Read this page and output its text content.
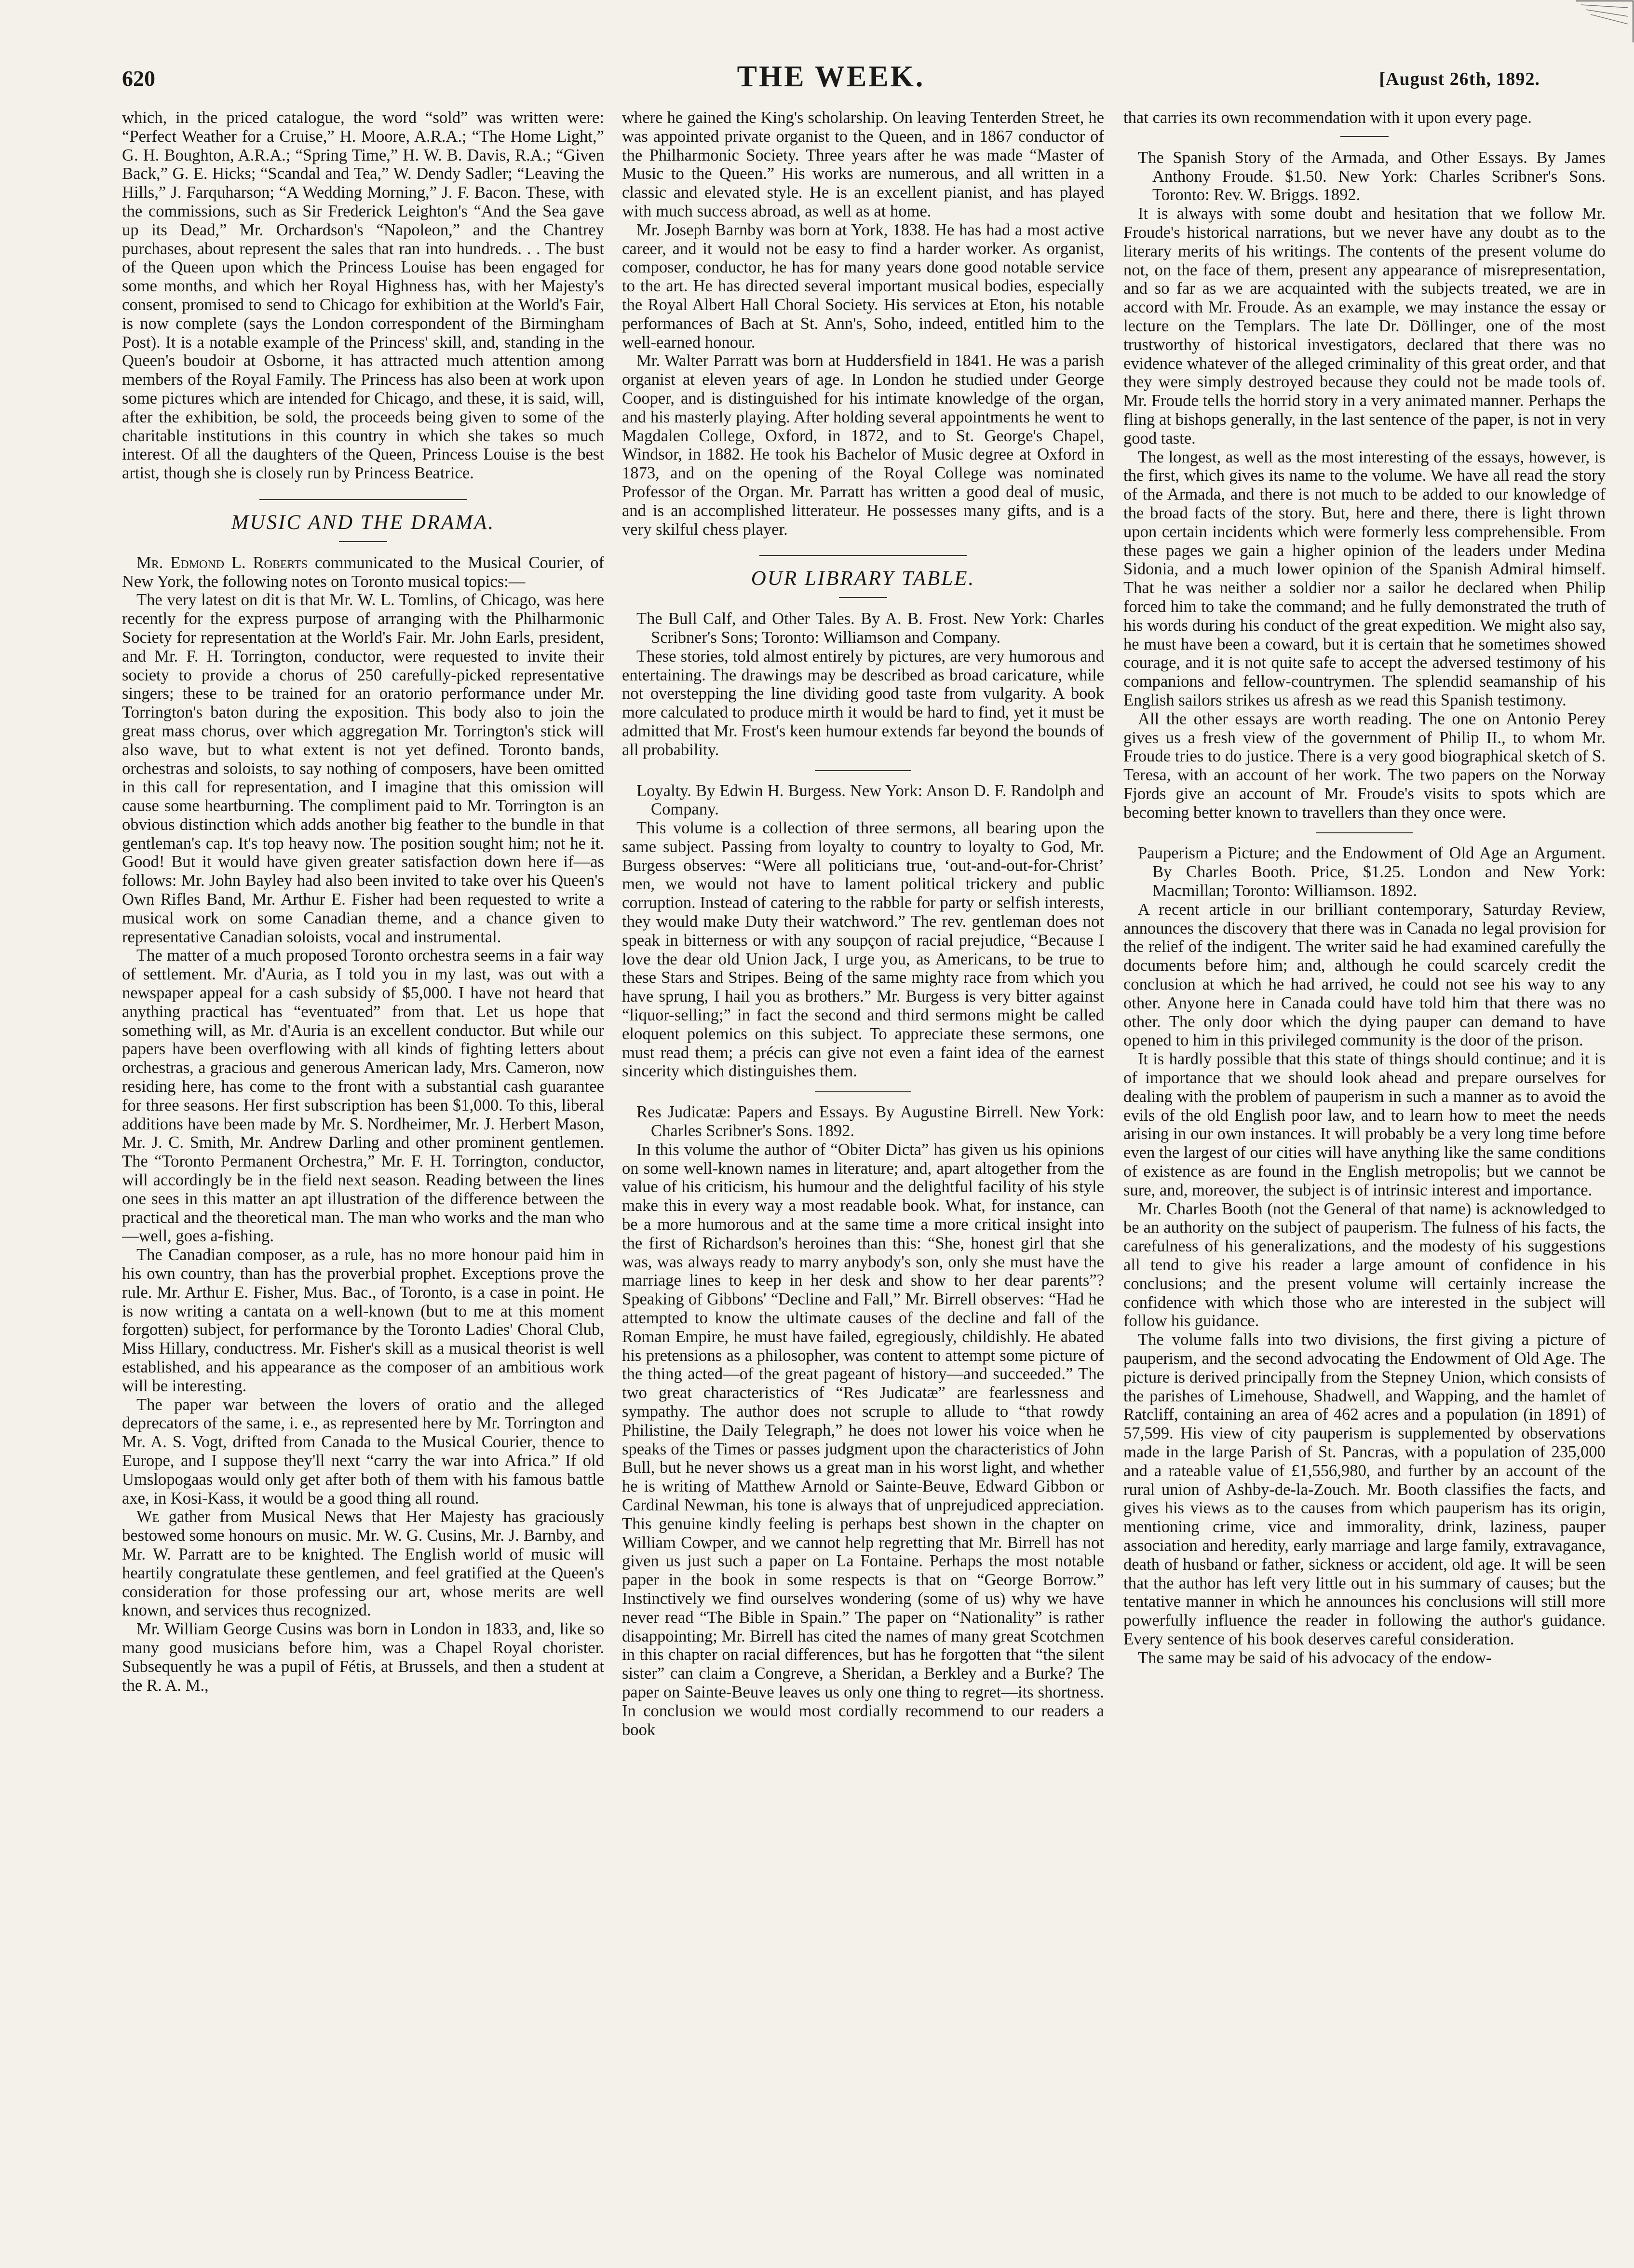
620	THE WEEK.	[August 26th, 1892.

which, in the priced catalogue, the word “sold” was written were: “Perfect Weather for a Cruise,” H. Moore, A.R.A.; “The Home Light,” G. H. Boughton, A.R.A.; “Spring Time,” H. W. B. Davis, R.A.; “Given Back,” G. E. Hicks; “Scandal and Tea,” W. Dendy Sadler; “Leaving the Hills,” J. Farquharson; “A Wedding Morning,” J. F. Bacon. These, with the commissions, such as Sir Frederick Leighton's “And the Sea gave up its Dead,” Mr. Orchardson's “Napoleon,” and the Chantrey purchases, about represent the sales that ran into hundreds. . . The bust of the Queen upon which the Princess Louise has been engaged for some months, and which her Royal Highness has, with her Majesty's consent, promised to send to Chicago for exhibition at the World's Fair, is now complete (says the London correspondent of the Birmingham Post). It is a notable example of the Princess' skill, and, standing in the Queen's boudoir at Osborne, it has attracted much attention among members of the Royal Family. The Princess has also been at work upon some pictures which are intended for Chicago, and these, it is said, will, after the exhibition, be sold, the proceeds being given to some of the charitable institutions in this country in which she takes so much interest. Of all the daughters of the Queen, Princess Louise is the best artist, though she is closely run by Princess Beatrice.

MUSIC AND THE DRAMA.

Mr. Edmond L. Roberts communicated to the Musical Courier, of New York, the following notes on Toronto musical topics:—

The very latest on dit is that Mr. W. L. Tomlins, of Chicago, was here recently for the express purpose of arranging with the Philharmonic Society for representation at the World's Fair. Mr. John Earls, president, and Mr. F. H. Torrington, conductor, were requested to invite their society to provide a chorus of 250 carefully-picked representative singers; these to be trained for an oratorio performance under Mr. Torrington's baton during the exposition. This body also to join the great mass chorus, over which aggregation Mr. Torrington's stick will also wave, but to what extent is not yet defined. Toronto bands, orchestras and soloists, to say nothing of composers, have been omitted in this call for representation, and I imagine that this omission will cause some heartburning. The compliment paid to Mr. Torrington is an obvious distinction which adds another big feather to the bundle in that gentleman's cap. It's top heavy now. The position sought him; not he it. Good! But it would have given greater satisfaction down here if—as follows: Mr. John Bayley had also been invited to take over his Queen's Own Rifles Band, Mr. Arthur E. Fisher had been requested to write a musical work on some Canadian theme, and a chance given to representative Canadian soloists, vocal and instrumental.

The matter of a much proposed Toronto orchestra seems in a fair way of settlement. Mr. d'Auria, as I told you in my last, was out with a newspaper appeal for a cash subsidy of $5,000. I have not heard that anything practical has “eventuated” from that. Let us hope that something will, as Mr. d'Auria is an excellent conductor. But while our papers have been overflowing with all kinds of fighting letters about orchestras, a gracious and generous American lady, Mrs. Cameron, now residing here, has come to the front with a substantial cash guarantee for three seasons. Her first subscription has been $1,000. To this, liberal additions have been made by Mr. S. Nordheimer, Mr. J. Herbert Mason, Mr. J. C. Smith, Mr. Andrew Darling and other prominent gentlemen. The “Toronto Permanent Orchestra,” Mr. F. H. Torrington, conductor, will accordingly be in the field next season. Reading between the lines one sees in this matter an apt illustration of the difference between the practical and the theoretical man. The man who works and the man who—well, goes a-fishing.

The Canadian composer, as a rule, has no more honour paid him in his own country, than has the proverbial prophet. Exceptions prove the rule. Mr. Arthur E. Fisher, Mus. Bac., of Toronto, is a case in point. He is now writing a cantata on a well-known (but to me at this moment forgotten) subject, for performance by the Toronto Ladies' Choral Club, Miss Hillary, conductress. Mr. Fisher's skill as a musical theorist is well established, and his appearance as the composer of an ambitious work will be interesting.

The paper war between the lovers of oratio and the alleged deprecators of the same, i. e., as represented here by Mr. Torrington and Mr. A. S. Vogt, drifted from Canada to the Musical Courier, thence to Europe, and I suppose they'll next “carry the war into Africa.” If old Umslopogaas would only get after both of them with his famous battle axe, in Kosi-Kass, it would be a good thing all round.

We gather from Musical News that Her Majesty has graciously bestowed some honours on music. Mr. W. G. Cusins, Mr. J. Barnby, and Mr. W. Parratt are to be knighted. The English world of music will heartily congratulate these gentlemen, and feel gratified at the Queen's consideration for those professing our art, whose merits are well known, and services thus recognized.

Mr. William George Cusins was born in London in 1833, and, like so many good musicians before him, was a Chapel Royal chorister. Subsequently he was a pupil of Fétis, at Brussels, and then a student at the R. A. M.,

where he gained the King's scholarship. On leaving Tenterden Street, he was appointed private organist to the Queen, and in 1867 conductor of the Philharmonic Society. Three years after he was made “Master of Music to the Queen.” His works are numerous, and all written in a classic and elevated style. He is an excellent pianist, and has played with much success abroad, as well as at home.

Mr. Joseph Barnby was born at York, 1838. He has had a most active career, and it would not be easy to find a harder worker. As organist, composer, conductor, he has for many years done good notable service to the art. He has directed several important musical bodies, especially the Royal Albert Hall Choral Society. His services at Eton, his notable performances of Bach at St. Ann's, Soho, indeed, entitled him to the well-earned honour.

Mr. Walter Parratt was born at Huddersfield in 1841. He was a parish organist at eleven years of age. In London he studied under George Cooper, and is distinguished for his intimate knowledge of the organ, and his masterly playing. After holding several appointments he went to Magdalen College, Oxford, in 1872, and to St. George's Chapel, Windsor, in 1882. He took his Bachelor of Music degree at Oxford in 1873, and on the opening of the Royal College was nominated Professor of the Organ. Mr. Parratt has written a good deal of music, and is an accomplished litterateur. He possesses many gifts, and is a very skilful chess player.

OUR LIBRARY TABLE.

The Bull Calf, and Other Tales. By A. B. Frost. New York: Charles Scribner's Sons; Toronto: Williamson and Company.

These stories, told almost entirely by pictures, are very humorous and entertaining. The drawings may be described as broad caricature, while not overstepping the line dividing good taste from vulgarity. A book more calculated to produce mirth it would be hard to find, yet it must be admitted that Mr. Frost's keen humour extends far beyond the bounds of all probability.

Loyalty. By Edwin H. Burgess. New York: Anson D. F. Randolph and Company.

This volume is a collection of three sermons, all bearing upon the same subject. Passing from loyalty to country to loyalty to God, Mr. Burgess observes: “Were all politicians true, ‘out-and-out-for-Christ’ men, we would not have to lament political trickery and public corruption. Instead of catering to the rabble for party or selfish interests, they would make Duty their watchword.” The rev. gentleman does not speak in bitterness or with any soupçon of racial prejudice, “Because I love the dear old Union Jack, I urge you, as Americans, to be true to these Stars and Stripes. Being of the same mighty race from which you have sprung, I hail you as brothers.” Mr. Burgess is very bitter against “liquor-selling;” in fact the second and third sermons might be called eloquent polemics on this subject. To appreciate these sermons, one must read them; a précis can give not even a faint idea of the earnest sincerity which distinguishes them.

Res Judicatæ: Papers and Essays. By Augustine Birrell. New York: Charles Scribner's Sons. 1892.

In this volume the author of “Obiter Dicta” has given us his opinions on some well-known names in literature; and, apart altogether from the value of his criticism, his humour and the delightful facility of his style make this in every way a most readable book. What, for instance, can be a more humorous and at the same time a more critical insight into the first of Richardson's heroines than this: “She, honest girl that she was, was always ready to marry anybody's son, only she must have the marriage lines to keep in her desk and show to her dear parents”? Speaking of Gibbons' “Decline and Fall,” Mr. Birrell observes: “Had he attempted to know the ultimate causes of the decline and fall of the Roman Empire, he must have failed, egregiously, childishly. He abated his pretensions as a philosopher, was content to attempt some picture of the thing acted—of the great pageant of history—and succeeded.” The two great characteristics of “Res Judicatæ” are fearlessness and sympathy. The author does not scruple to allude to “that rowdy Philistine, the Daily Telegraph,” he does not lower his voice when he speaks of the Times or passes judgment upon the characteristics of John Bull, but he never shows us a great man in his worst light, and whether he is writing of Matthew Arnold or Sainte-Beuve, Edward Gibbon or Cardinal Newman, his tone is always that of unprejudiced appreciation. This genuine kindly feeling is perhaps best shown in the chapter on William Cowper, and we cannot help regretting that Mr. Birrell has not given us just such a paper on La Fontaine. Perhaps the most notable paper in the book in some respects is that on “George Borrow.” Instinctively we find ourselves wondering (some of us) why we have never read “The Bible in Spain.” The paper on “Nationality” is rather disappointing; Mr. Birrell has cited the names of many great Scotchmen in this chapter on racial differences, but has he forgotten that “the silent sister” can claim a Congreve, a Sheridan, a Berkley and a Burke? The paper on Sainte-Beuve leaves us only one thing to regret—its shortness. In conclusion we would most cordially recommend to our readers a book

that carries its own recommendation with it upon every page.

The Spanish Story of the Armada, and Other Essays. By James Anthony Froude. $1.50. New York: Charles Scribner's Sons. Toronto: Rev. W. Briggs. 1892.

It is always with some doubt and hesitation that we follow Mr. Froude's historical narrations, but we never have any doubt as to the literary merits of his writings. The contents of the present volume do not, on the face of them, present any appearance of misrepresentation, and so far as we are acquainted with the subjects treated, we are in accord with Mr. Froude. As an example, we may instance the essay or lecture on the Templars. The late Dr. Döllinger, one of the most trustworthy of historical investigators, declared that there was no evidence whatever of the alleged criminality of this great order, and that they were simply destroyed because they could not be made tools of. Mr. Froude tells the horrid story in a very animated manner. Perhaps the fling at bishops generally, in the last sentence of the paper, is not in very good taste.

The longest, as well as the most interesting of the essays, however, is the first, which gives its name to the volume. We have all read the story of the Armada, and there is not much to be added to our knowledge of the broad facts of the story. But, here and there, there is light thrown upon certain incidents which were formerly less comprehensible. From these pages we gain a higher opinion of the leaders under Medina Sidonia, and a much lower opinion of the Spanish Admiral himself. That he was neither a soldier nor a sailor he declared when Philip forced him to take the command; and he fully demonstrated the truth of his words during his conduct of the great expedition. We might also say, he must have been a coward, but it is certain that he sometimes showed courage, and it is not quite safe to accept the adversed testimony of his companions and fellow-countrymen. The splendid seamanship of his English sailors strikes us afresh as we read this Spanish testimony.

All the other essays are worth reading. The one on Antonio Perey gives us a fresh view of the government of Philip II., to whom Mr. Froude tries to do justice. There is a very good biographical sketch of S. Teresa, with an account of her work. The two papers on the Norway Fjords give an account of Mr. Froude's visits to spots which are becoming better known to travellers than they once were.

Pauperism a Picture; and the Endowment of Old Age an Argument. By Charles Booth. Price, $1.25. London and New York: Macmillan; Toronto: Williamson. 1892.

A recent article in our brilliant contemporary, Saturday Review, announces the discovery that there was in Canada no legal provision for the relief of the indigent. The writer said he had examined carefully the documents before him; and, although he could scarcely credit the conclusion at which he had arrived, he could not see his way to any other. Anyone here in Canada could have told him that there was no other. The only door which the dying pauper can demand to have opened to him in this privileged community is the door of the prison.

It is hardly possible that this state of things should continue; and it is of importance that we should look ahead and prepare ourselves for dealing with the problem of pauperism in such a manner as to avoid the evils of the old English poor law, and to learn how to meet the needs arising in our own instances. It will probably be a very long time before even the largest of our cities will have anything like the same conditions of existence as are found in the English metropolis; but we cannot be sure, and, moreover, the subject is of intrinsic interest and importance.

Mr. Charles Booth (not the General of that name) is acknowledged to be an authority on the subject of pauperism. The fulness of his facts, the carefulness of his generalizations, and the modesty of his suggestions all tend to give his reader a large amount of confidence in his conclusions; and the present volume will certainly increase the confidence with which those who are interested in the subject will follow his guidance.

The volume falls into two divisions, the first giving a picture of pauperism, and the second advocating the Endowment of Old Age. The picture is derived principally from the Stepney Union, which consists of the parishes of Limehouse, Shadwell, and Wapping, and the hamlet of Ratcliff, containing an area of 462 acres and a population (in 1891) of 57,599. His view of city pauperism is supplemented by observations made in the large Parish of St. Pancras, with a population of 235,000 and a rateable value of £1,556,980, and further by an account of the rural union of Ashby-de-la-Zouch. Mr. Booth classifies the facts, and gives his views as to the causes from which pauperism has its origin, mentioning crime, vice and immorality, drink, laziness, pauper association and heredity, early marriage and large family, extravagance, death of husband or father, sickness or accident, old age. It will be seen that the author has left very little out in his summary of causes; but the tentative manner in which he announces his conclusions will still more powerfully influence the reader in following the author's guidance. Every sentence of his book deserves careful consideration.

The same may be said of his advocacy of the endow-
